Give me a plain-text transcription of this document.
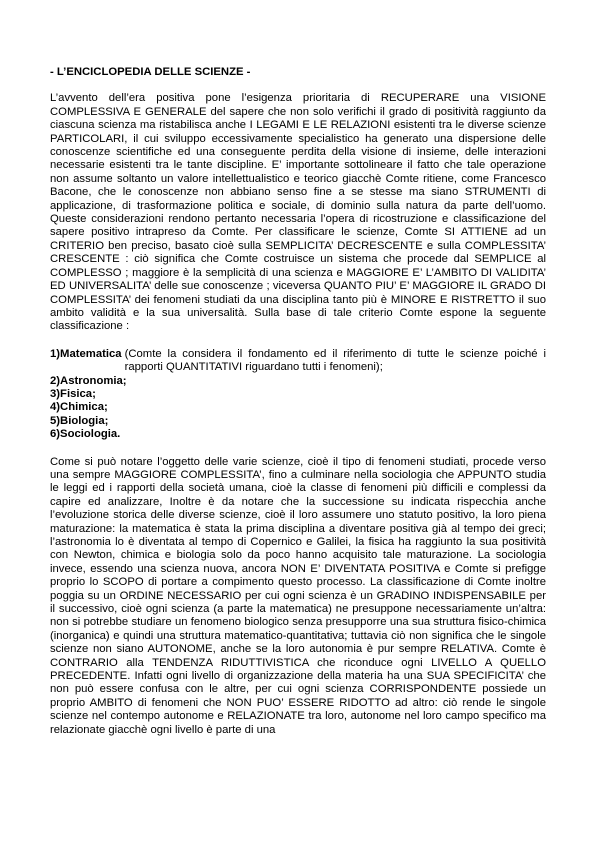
- L’ENCICLOPEDIA DELLE SCIENZE -

L’avvento dell’era positiva pone l’esigenza prioritaria di RECUPERARE una VISIONE COMPLESSIVA E GENERALE del sapere che non solo verifichi il grado di positività raggiunto da ciascuna scienza ma ristabilisca anche I LEGAMI E LE RELAZIONI esistenti tra le diverse scienze PARTICOLARI, il cui sviluppo eccessivamente specialistico ha generato una dispersione delle conoscenze scientifiche ed una conseguente perdita della visione di insieme, delle interazioni necessarie esistenti tra le tante discipline. E’ importante sottolineare il fatto che tale operazione non assume soltanto un valore intellettualistico e teorico giacchè Comte ritiene, come Francesco Bacone, che le conoscenze non abbiano senso fine a se stesse ma siano STRUMENTI di applicazione, di trasformazione politica e sociale, di dominio sulla natura da parte dell’uomo. Queste considerazioni rendono pertanto necessaria l’opera di ricostruzione e classificazione del sapere positivo intrapreso da Comte. Per classificare le scienze, Comte SI ATTIENE ad un CRITERIO ben preciso, basato cioè sulla SEMPLICITA’ DECRESCENTE e sulla COMPLESSITA’ CRESCENTE : ciò significa che Comte costruisce un sistema che procede dal SEMPLICE al COMPLESSO ; maggiore è la semplicità di una scienza e MAGGIORE E’ L’AMBITO DI VALIDITA’ ED UNIVERSALITA’ delle sue conoscenze ; viceversa QUANTO PIU’ E’ MAGGIORE IL GRADO DI COMPLESSITA’ dei fenomeni studiati da una disciplina tanto più è MINORE E RISTRETTO il suo ambito validità e la sua universalità. Sulla base di tale criterio Comte espone la seguente classificazione :

1)Matematica (Comte la considera il fondamento ed il riferimento di tutte le scienze poiché i rapporti QUANTITATIVI riguardano tutti i fenomeni);

2)Astronomia;

3)Fisica;

4)Chimica;

5)Biologia;

6)Sociologia.

Come si può notare l’oggetto delle varie scienze, cioè il tipo di fenomeni studiati, procede verso una sempre MAGGIORE COMPLESSITA’, fino a culminare nella sociologia che APPUNTO studia le leggi ed i rapporti della società umana, cioè la classe di fenomeni più difficili e complessi da capire ed analizzare, Inoltre è da notare che la successione su indicata rispecchia anche l’evoluzione storica delle diverse scienze, cioè il loro assumere uno statuto positivo, la loro piena maturazione: la matematica è stata la prima disciplina a diventare positiva già al tempo dei greci; l’astronomia lo è diventata al tempo di Copernico e Galilei, la fisica ha raggiunto la sua positività con Newton, chimica e biologia solo da poco hanno acquisito tale maturazione. La sociologia invece, essendo una scienza nuova, ancora NON E’ DIVENTATA POSITIVA e Comte si prefigge proprio lo SCOPO di portare a compimento questo processo. La classificazione di Comte inoltre poggia su un ORDINE NECESSARIO per cui ogni scienza è un GRADINO INDISPENSABILE per il successivo, cioè ogni scienza (a parte la matematica) ne presuppone necessariamente un’altra: non si potrebbe studiare un fenomeno biologico senza presupporre una sua struttura fisico-chimica (inorganica) e quindi una struttura matematico-quantitativa; tuttavia ciò non significa che le singole scienze non siano AUTONOME, anche se la loro autonomia è pur sempre RELATIVA. Comte è CONTRARIO alla TENDENZA RIDUTTIVISTICA che riconduce ogni LIVELLO A QUELLO PRECEDENTE. Infatti ogni livello di organizzazione della materia ha una SUA SPECIFICITA’ che non può essere confusa con le altre, per cui ogni scienza CORRISPONDENTE possiede un proprio AMBITO di fenomeni che NON PUO’ ESSERE RIDOTTO ad altro: ciò rende le singole scienze nel contempo autonome e RELAZIONATE tra loro, autonome nel loro campo specifico ma relazionate giacchè ogni livello è parte di una
